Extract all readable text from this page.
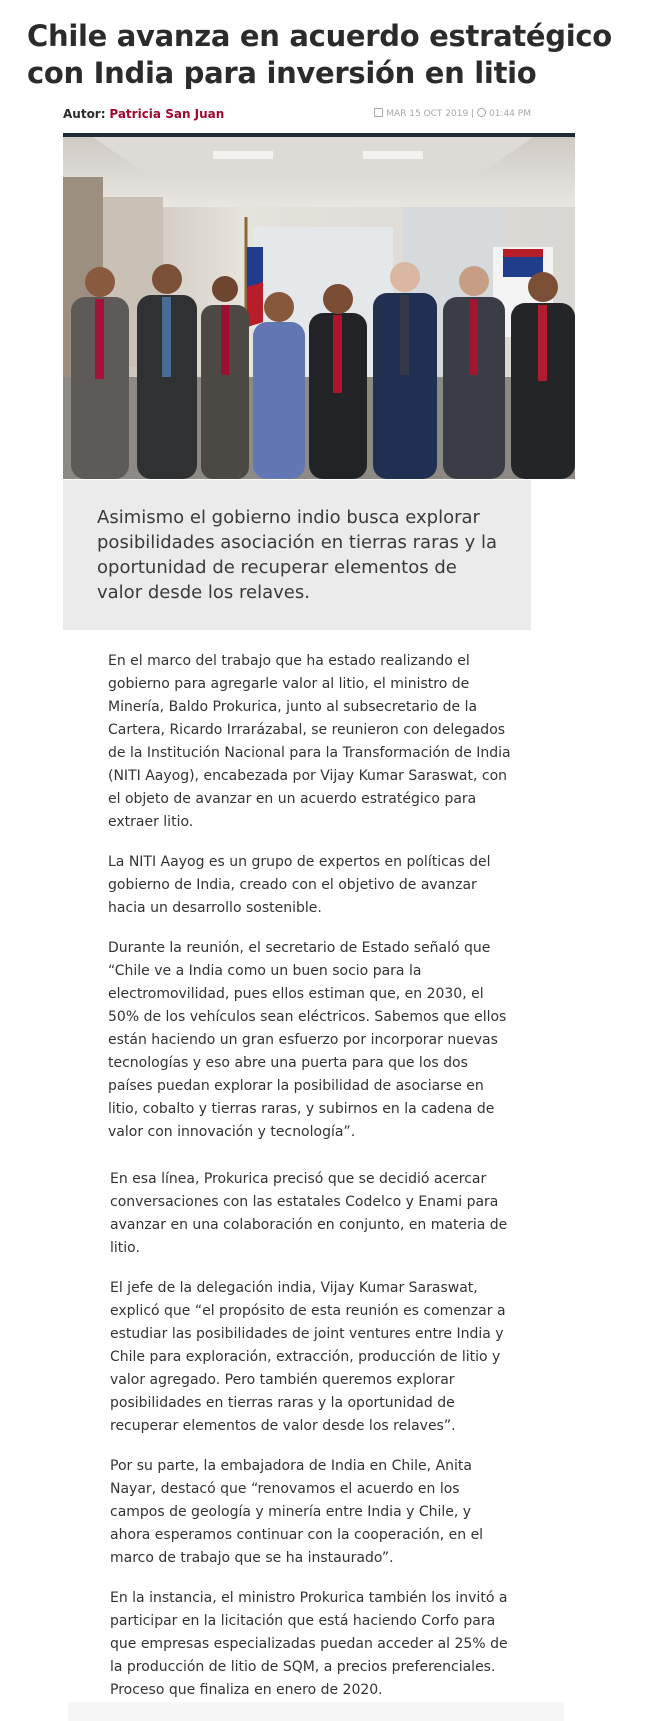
Chile avanza en acuerdo estratégico con India para inversión en litio
Autor: Patricia San Juan	MAR 15 OCT 2019 | 01:44 PM

Asimismo el gobierno indio busca explorar posibilidades asociación en tierras raras y la oportunidad de recuperar elementos de valor desde los relaves.

En el marco del trabajo que ha estado realizando el gobierno para agregarle valor al litio, el ministro de Minería, Baldo Prokurica, junto al subsecretario de la Cartera, Ricardo Irrarázabal, se reunieron con delegados de la Institución Nacional para la Transformación de India (NITI Aayog), encabezada por Vijay Kumar Saraswat, con el objeto de avanzar en un acuerdo estratégico para extraer litio.

La NITI Aayog es un grupo de expertos en políticas del gobierno de India, creado con el objetivo de avanzar hacia un desarrollo sostenible.

Durante la reunión, el secretario de Estado señaló que “Chile ve a India como un buen socio para la electromovilidad, pues ellos estiman que, en 2030, el 50% de los vehículos sean eléctricos. Sabemos que ellos están haciendo un gran esfuerzo por incorporar nuevas tecnologías y eso abre una puerta para que los dos países puedan explorar la posibilidad de asociarse en litio, cobalto y tierras raras, y subirnos en la cadena de valor con innovación y tecnología”.

En esa línea, Prokurica precisó que se decidió acercar conversaciones con las estatales Codelco y Enami para avanzar en una colaboración en conjunto, en materia de litio.

El jefe de la delegación india, Vijay Kumar Saraswat, explicó que “el propósito de esta reunión es comenzar a estudiar las posibilidades de joint ventures entre India y Chile para exploración, extracción, producción de litio y valor agregado. Pero también queremos explorar posibilidades en tierras raras y la oportunidad de recuperar elementos de valor desde los relaves”.

Por su parte, la embajadora de India en Chile, Anita Nayar, destacó que “renovamos el acuerdo en los campos de geología y minería entre India y Chile, y ahora esperamos continuar con la cooperación, en el marco de trabajo que se ha instaurado”.

En la instancia, el ministro Prokurica también los invitó a participar en la licitación que está haciendo Corfo para que empresas especializadas puedan acceder al 25% de la producción de litio de SQM, a precios preferenciales. Proceso que finaliza en enero de 2020.
